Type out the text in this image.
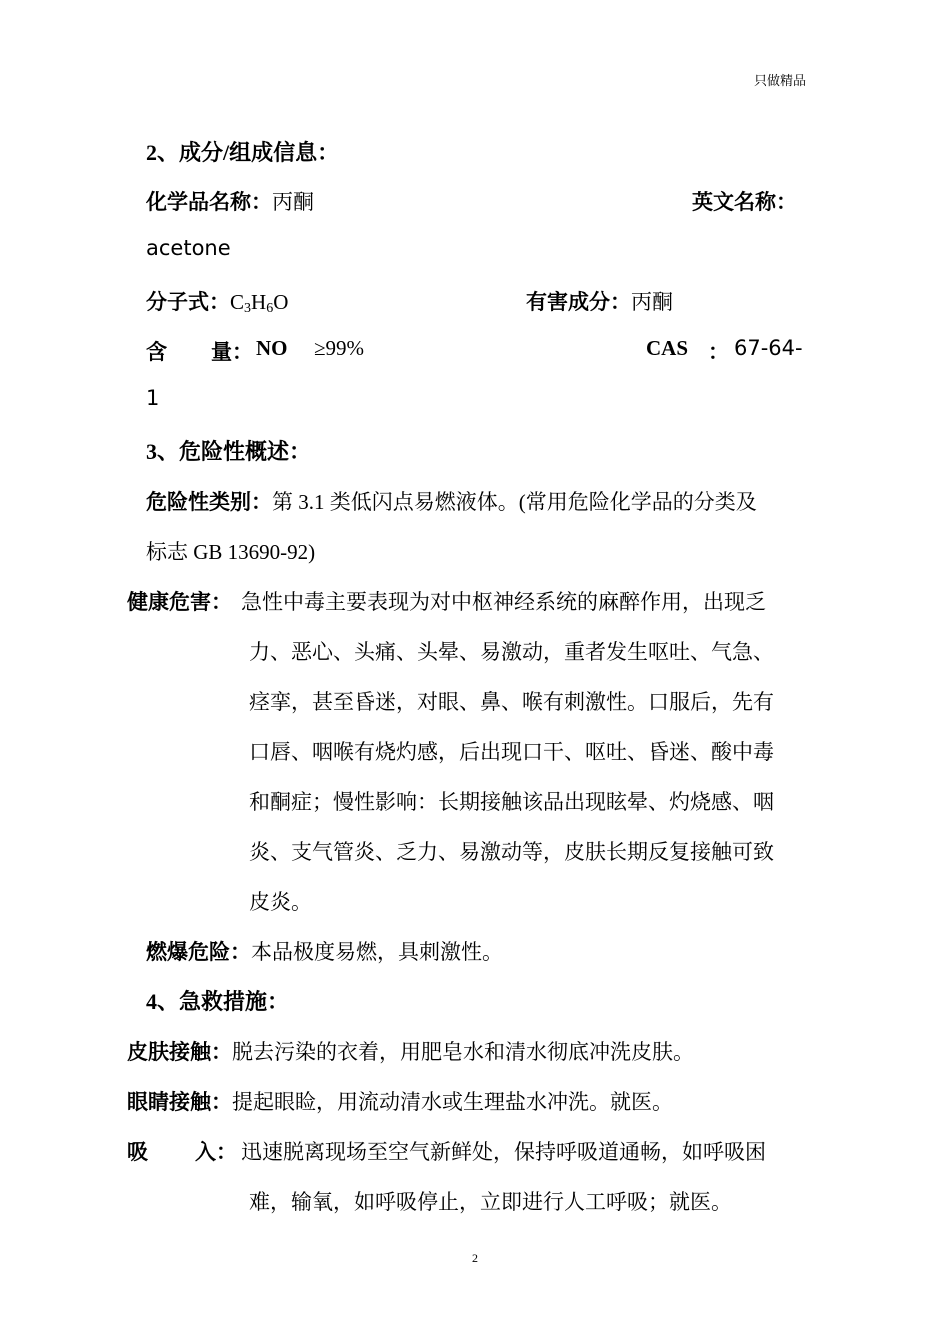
只做精品
2、成分/组成信息：
化学品名称：丙酮	英文名称：
acetone
分子式：$C_3H_6O$	有害成分：丙酮
含 量： NO ≥99%	CAS ： 67-64-
1
3、危险性概述：
危险性类别：第 3.1 类低闪点易燃液体。(常用危险化学品的分类及
标志 GB 13690-92)
健康危害： 急性中毒主要表现为对中枢神经系统的麻醉作用，出现乏
力、恶心、头痛、头晕、易激动，重者发生呕吐、气急、
痉挛，甚至昏迷，对眼、鼻、喉有刺激性。口服后，先有
口唇、咽喉有烧灼感，后出现口干、呕吐、昏迷、酸中毒
和酮症；慢性影响：长期接触该品出现眩晕、灼烧感、咽
炎、支气管炎、乏力、易激动等，皮肤长期反复接触可致
皮炎。
燃爆危险：本品极度易燃，具刺激性。
4、急救措施：
皮肤接触：脱去污染的衣着，用肥皂水和清水彻底冲洗皮肤。
眼睛接触：提起眼睑，用流动清水或生理盐水冲洗。就医。
吸 入： 迅速脱离现场至空气新鲜处，保持呼吸道通畅，如呼吸困
难，输氧，如呼吸停止，立即进行人工呼吸；就医。
2
